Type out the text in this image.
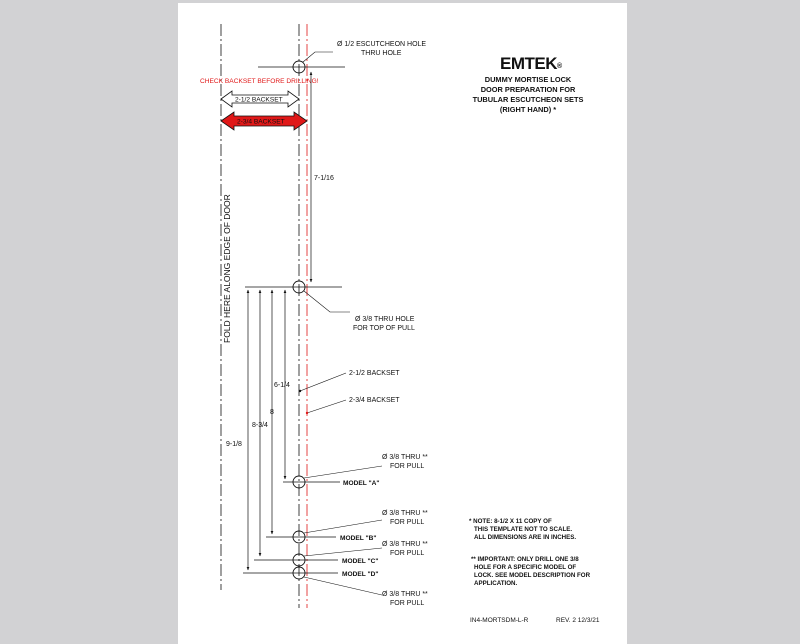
FOLD HERE ALONG EDGE OF DOOR
Ø 1/2 ESCUTCHEON HOLE
THRU HOLE
CHECK BACKSET BEFORE DRILLING!
2-1/2 BACKSET
2-3/4 BACKSET
7-1/16
Ø 3/8 THRU HOLE
FOR TOP OF PULL
2-1/2 BACKSET
2-3/4 BACKSET
6-1/4
8
8-3/4
9-1/8
Ø 3/8 THRU **
FOR PULL
MODEL "A"
Ø 3/8 THRU **
FOR PULL
MODEL "B"
Ø 3/8 THRU **
FOR PULL
MODEL "C"
Ø 3/8 THRU **
FOR PULL
MODEL "D"
EMTEK®
DUMMY MORTISE LOCK
DOOR PREPARATION FOR
TUBULAR ESCUTCHEON SETS
(RIGHT HAND) *
* NOTE: 8-1/2 X 11 COPY OF
THIS TEMPLATE NOT TO SCALE.
ALL DIMENSIONS ARE IN INCHES.
** IMPORTANT: ONLY DRILL ONE 3/8
HOLE FOR A SPECIFIC MODEL OF
LOCK. SEE MODEL DESCRIPTION FOR
APPLICATION.
IN4-MORTSDM-L-R	REV. 2 12/3/21
